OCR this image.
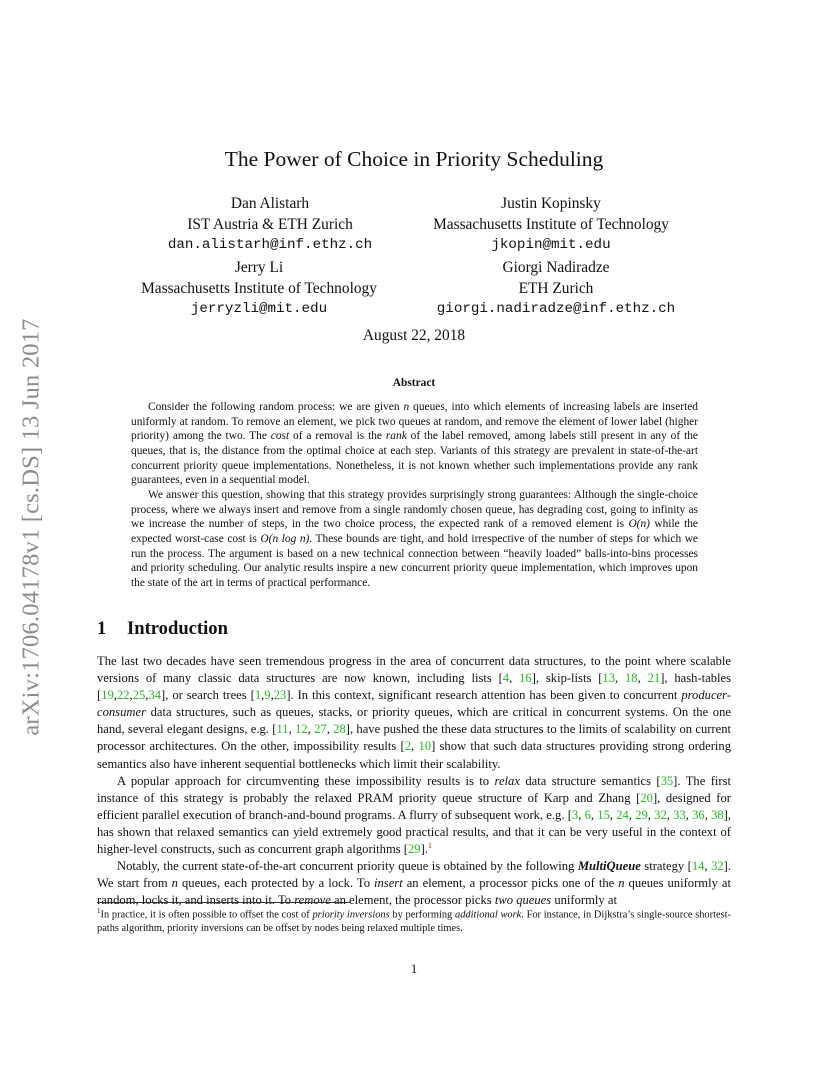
arXiv:1706.04178v1 [cs.DS] 13 Jun 2017
The Power of Choice in Priority Scheduling
Dan Alistarh
IST Austria & ETH Zurich
dan.alistarh@inf.ethz.ch
Justin Kopinsky
Massachusetts Institute of Technology
jkopin@mit.edu
Jerry Li
Massachusetts Institute of Technology
jerryzli@mit.edu
Giorgi Nadiradze
ETH Zurich
giorgi.nadiradze@inf.ethz.ch
August 22, 2018
Abstract

Consider the following random process: we are given n queues, into which elements of increasing labels are inserted uniformly at random. To remove an element, we pick two queues at random, and remove the element of lower label (higher priority) among the two. The cost of a removal is the rank of the label removed, among labels still present in any of the queues, that is, the distance from the optimal choice at each step. Variants of this strategy are prevalent in state-of-the-art concurrent priority queue implementations. Nonetheless, it is not known whether such implementations provide any rank guarantees, even in a sequential model.

We answer this question, showing that this strategy provides surprisingly strong guarantees: Although the single-choice process, where we always insert and remove from a single randomly chosen queue, has degrading cost, going to infinity as we increase the number of steps, in the two choice process, the expected rank of a removed element is O(n) while the expected worst-case cost is O(n log n). These bounds are tight, and hold irrespective of the number of steps for which we run the process. The argument is based on a new technical connection between “heavily loaded” balls-into-bins processes and priority scheduling. Our analytic results inspire a new concurrent priority queue implementation, which improves upon the state of the art in terms of practical performance.

1 Introduction

The last two decades have seen tremendous progress in the area of concurrent data structures, to the point where scalable versions of many classic data structures are now known, including lists [4, 16], skip-lists [13, 18, 21], hash-tables [19,22,25,34], or search trees [1,9,23]. In this context, significant research attention has been given to concurrent producer-consumer data structures, such as queues, stacks, or priority queues, which are critical in concurrent systems. On the one hand, several elegant designs, e.g. [11, 12, 27, 28], have pushed the these data structures to the limits of scalability on current processor architectures. On the other, impossibility results [2, 10] show that such data structures providing strong ordering semantics also have inherent sequential bottlenecks which limit their scalability.

A popular approach for circumventing these impossibility results is to relax data structure semantics [35]. The first instance of this strategy is probably the relaxed PRAM priority queue structure of Karp and Zhang [20], designed for efficient parallel execution of branch-and-bound programs. A flurry of subsequent work, e.g. [3, 6, 15, 24, 29, 32, 33, 36, 38], has shown that relaxed semantics can yield extremely good practical results, and that it can be very useful in the context of higher-level constructs, such as concurrent graph algorithms [29].$^1$

Notably, the current state-of-the-art concurrent priority queue is obtained by the following MultiQueue strategy [14, 32]. We start from n queues, each protected by a lock. To insert an element, a processor picks one of the n queues uniformly at random, locks it, and inserts into it. To remove an element, the processor picks two queues uniformly at

$^1$In practice, it is often possible to offset the cost of priority inversions by performing additional work. For instance, in Dijkstra’s single-source shortest-paths algorithm, priority inversions can be offset by nodes being relaxed multiple times.
1
